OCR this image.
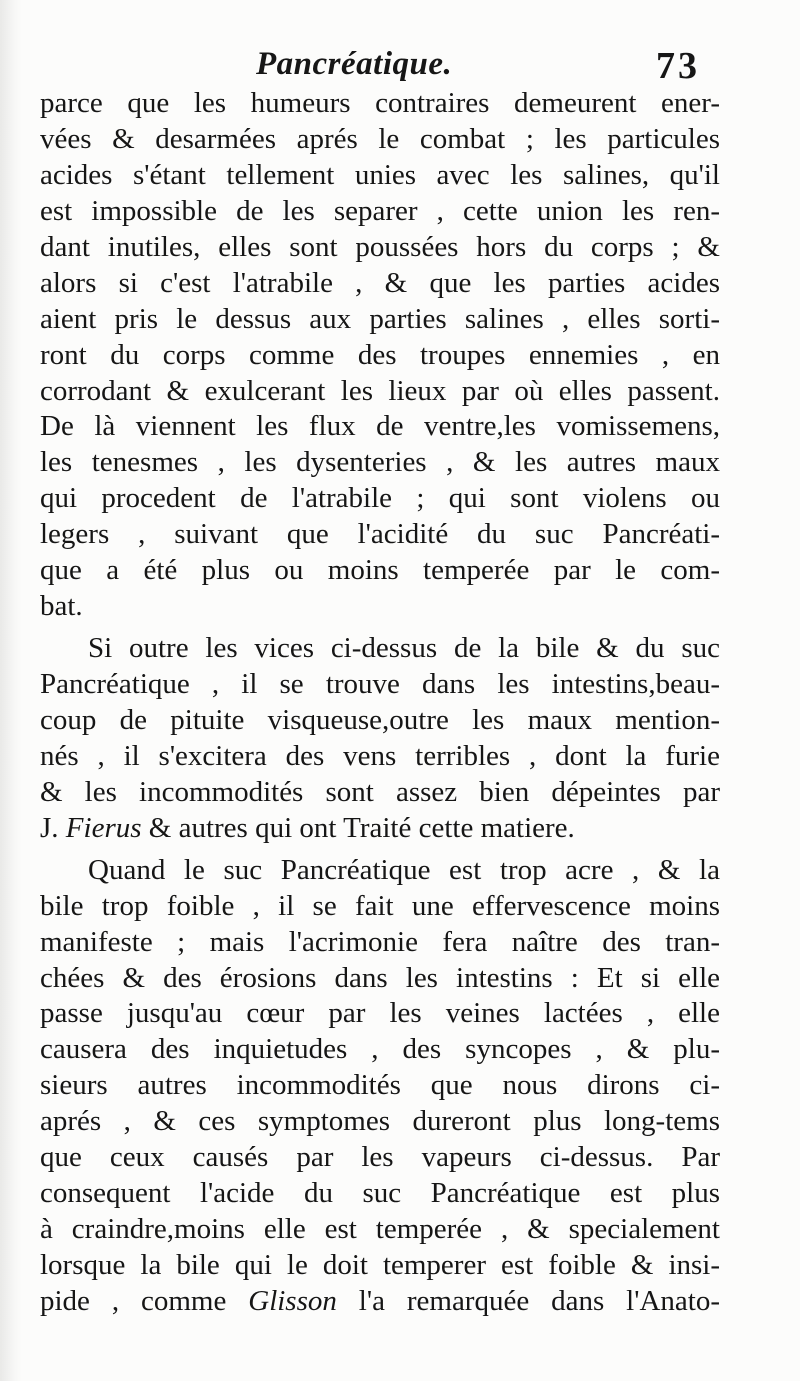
Pancréatique.	73
parce que les humeurs contraires demeurent ener-
vées & desarmées aprés le combat ; les particules
acides s'étant tellement unies avec les salines, qu'il
est impossible de les separer , cette union les ren-
dant inutiles, elles sont poussées hors du corps ; &
alors si c'est l'atrabile , & que les parties acides
aient pris le dessus aux parties salines , elles sorti-
ront du corps comme des troupes ennemies , en
corrodant & exulcerant les lieux par où elles passent.
De là viennent les flux de ventre,les vomissemens,
les tenesmes , les dysenteries , & les autres maux
qui procedent de l'atrabile ; qui sont violens ou
legers , suivant que l'acidité du suc Pancréati-
que a été plus ou moins temperée par le com-
bat.
Si outre les vices ci-dessus de la bile & du suc
Pancréatique , il se trouve dans les intestins,beau-
coup de pituite visqueuse,outre les maux mention-
nés , il s'excitera des vens terribles , dont la furie
& les incommodités sont assez bien dépeintes par
J. Fierus & autres qui ont Traité cette matiere.
Quand le suc Pancréatique est trop acre , & la
bile trop foible , il se fait une effervescence moins
manifeste ; mais l'acrimonie fera naître des tran-
chées & des érosions dans les intestins : Et si elle
passe jusqu'au cœur par les veines lactées , elle
causera des inquietudes , des syncopes , & plu-
sieurs autres incommodités que nous dirons ci-
aprés , & ces symptomes dureront plus long-tems
que ceux causés par les vapeurs ci-dessus. Par
consequent l'acide du suc Pancréatique est plus
à craindre,moins elle est temperée , & specialement
lorsque la bile qui le doit temperer est foible & insi-
pide , comme Glisson l'a remarquée dans l'Anato-
